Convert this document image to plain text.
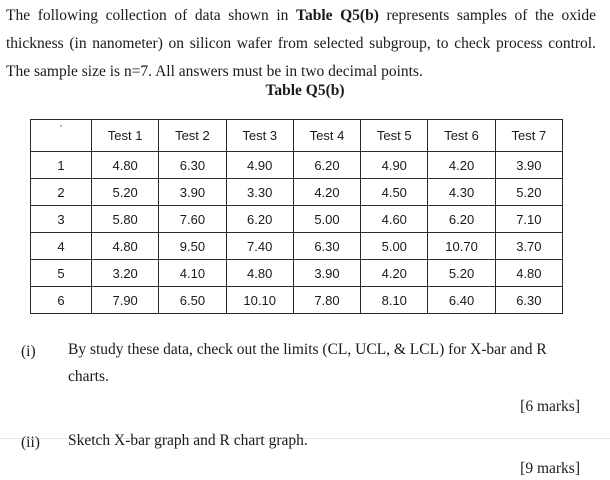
The following collection of data shown in Table Q5(b) represents samples of the oxide thickness (in nanometer) on silicon wafer from selected subgroup, to check process control. The sample size is n=7. All answers must be in two decimal points.

Table Q5(b)
ʼ	Test 1	Test 2	Test 3	Test 4	Test 5	Test 6	Test 7
1	4.80	6.30	4.90	6.20	4.90	4.20	3.90
2	5.20	3.90	3.30	4.20	4.50	4.30	5.20
3	5.80	7.60	6.20	5.00	4.60	6.20	7.10
4	4.80	9.50	7.40	6.30	5.00	10.70	3.70
5	3.20	4.10	4.80	3.90	4.20	5.20	4.80
6	7.90	6.50	10.10	7.80	8.10	6.40	6.30
(i) By study these data, check out the limits (CL, UCL, & LCL) for X-bar and R charts.
[6 marks]
(ii) Sketch X-bar graph and R chart graph.
[9 marks]
